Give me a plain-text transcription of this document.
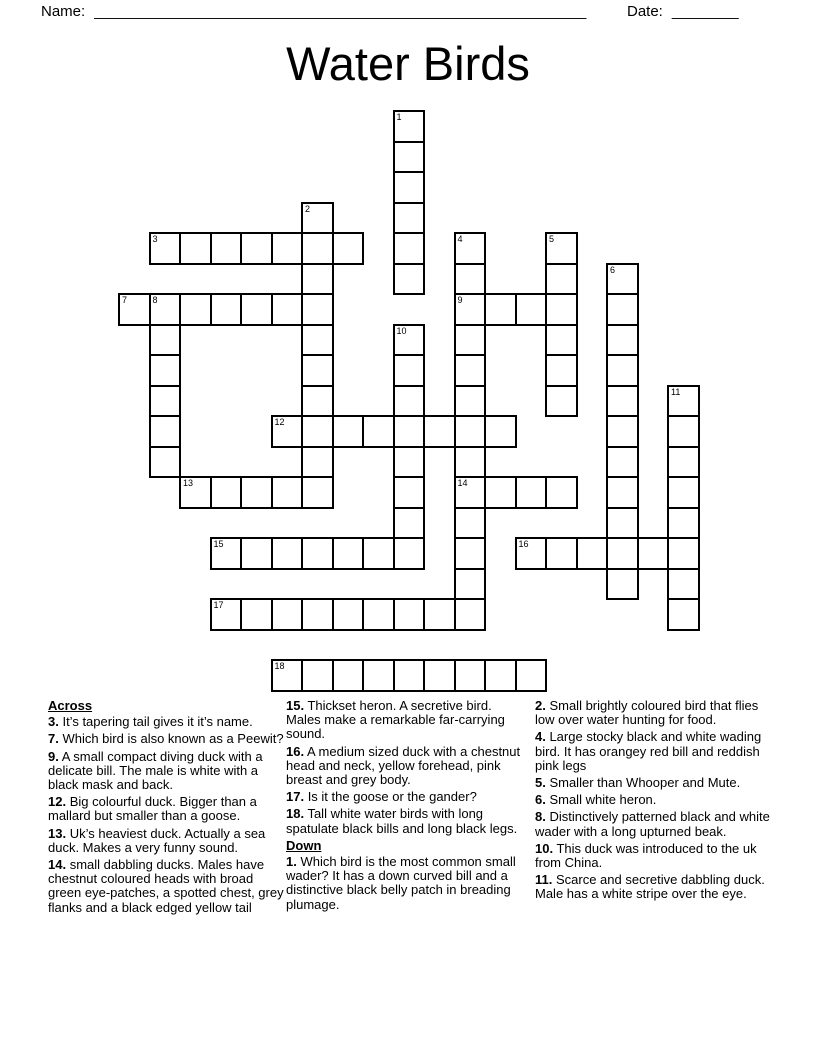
Name: ___________________________________________________________	Date: ________
Water Birds
1
2
3	4	5
6
7	8	9
10
11
12
13	14
15	16
17
18
Across

3. It’s tapering tail gives it it’s name.

7. Which bird is also known as a Peewit?

9. A small compact diving duck with a delicate bill. The male is white with a black mask and back.

12. Big colourful duck. Bigger than a mallard but smaller than a goose.

13. Uk’s heaviest duck. Actually a sea duck. Makes a very funny sound.

14. small dabbling ducks. Males have chestnut coloured heads with broad green eye-patches, a spotted chest, grey flanks and a black edged yellow tail

15. Thickset heron. A secretive bird. Males make a remarkable far-carrying sound.

16. A medium sized duck with a chestnut head and neck, yellow forehead, pink breast and grey body.

17. Is it the goose or the gander?

18. Tall white water birds with long spatulate black bills and long black legs.

Down

1. Which bird is the most common small wader? It has a down curved bill and a distinctive black belly patch in breading plumage.

2. Small brightly coloured bird that flies low over water hunting for food.

4. Large stocky black and white wading bird. It has orangey red bill and reddish pink legs

5. Smaller than Whooper and Mute.

6. Small white heron.

8. Distinctively patterned black and white wader with a long upturned beak.

10. This duck was introduced to the uk from China.

11. Scarce and secretive dabbling duck. Male has a white stripe over the eye.
